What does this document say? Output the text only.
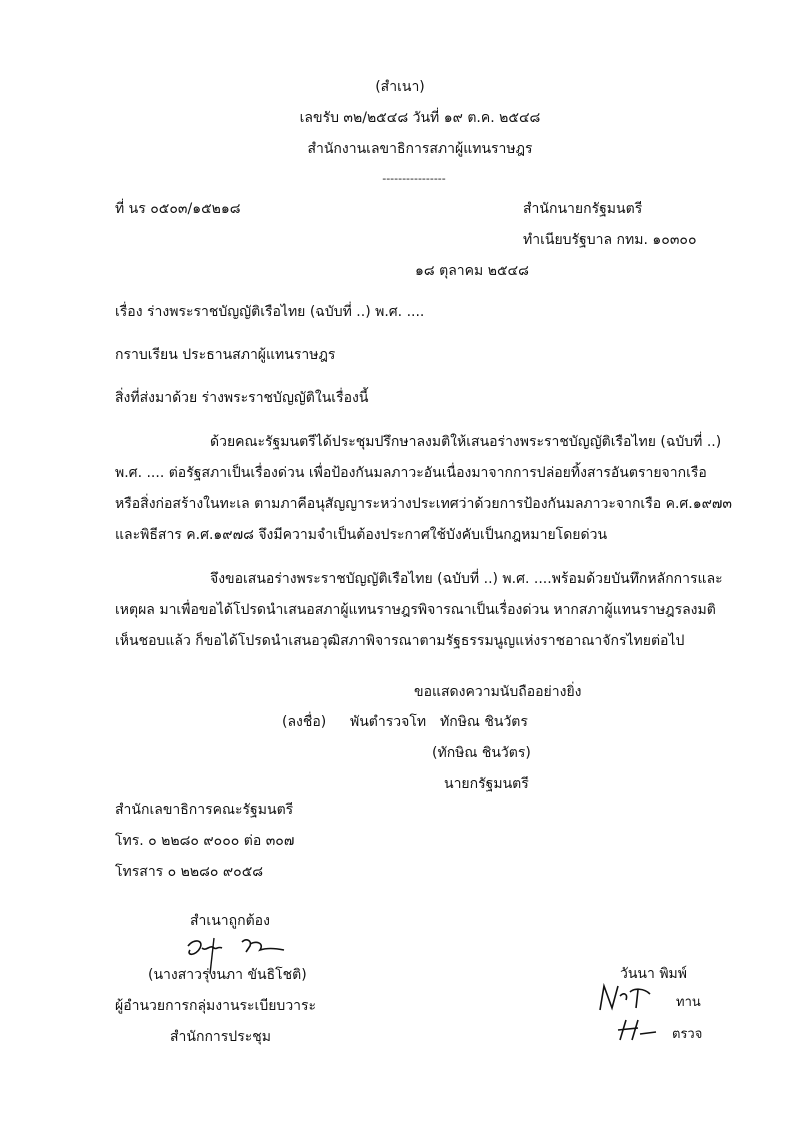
(สำเนา)
เลขรับ ๓๒/๒๕๔๘ วันที่ ๑๙ ต.ค. ๒๕๔๘
สำนักงานเลขาธิการสภาผู้แทนราษฎร
----------------
ที่ นร ๐๕๐๓/๑๕๒๑๘	สำนักนายกรัฐมนตรี
ทำเนียบรัฐบาล กทม. ๑๐๓๐๐
๑๘ ตุลาคม ๒๕๔๘
เรื่อง ร่างพระราชบัญญัติเรือไทย (ฉบับที่ ..) พ.ศ. ....
กราบเรียน ประธานสภาผู้แทนราษฎร
สิ่งที่ส่งมาด้วย ร่างพระราชบัญญัติในเรื่องนี้
ด้วยคณะรัฐมนตรีได้ประชุมปรึกษาลงมติให้เสนอร่างพระราชบัญญัติเรือไทย (ฉบับที่ ..)
พ.ศ. .... ต่อรัฐสภาเป็นเรื่องด่วน เพื่อป้องกันมลภาวะอันเนื่องมาจากการปล่อยทิ้งสารอันตรายจากเรือ
หรือสิ่งก่อสร้างในทะเล ตามภาคีอนุสัญญาระหว่างประเทศว่าด้วยการป้องกันมลภาวะจากเรือ ค.ศ.๑๙๗๓
และพิธีสาร ค.ศ.๑๙๗๘ จึงมีความจำเป็นต้องประกาศใช้บังคับเป็นกฎหมายโดยด่วน
จึงขอเสนอร่างพระราชบัญญัติเรือไทย (ฉบับที่ ..) พ.ศ. ....พร้อมด้วยบันทึกหลักการและ
เหตุผล มาเพื่อขอได้โปรดนำเสนอสภาผู้แทนราษฎรพิจารณาเป็นเรื่องด่วน หากสภาผู้แทนราษฎรลงมติ
เห็นชอบแล้ว ก็ขอได้โปรดนำเสนอวุฒิสภาพิจารณาตามรัฐธรรมนูญแห่งราชอาณาจักรไทยต่อไป
ขอแสดงความนับถืออย่างยิ่ง
(ลงชื่อ) พันตำรวจโท ทักษิณ ชินวัตร
(ทักษิณ ชินวัตร)
นายกรัฐมนตรี
สำนักเลขาธิการคณะรัฐมนตรี
โทร. ๐ ๒๒๘๐ ๙๐๐๐ ต่อ ๓๐๗
โทรสาร ๐ ๒๒๘๐ ๙๐๕๘
สำเนาถูกต้อง
(นางสาวรุ่งนภา ขันธิโชติ)
ผู้อำนวยการกลุ่มงานระเบียบวาระ
สำนักการประชุม
วันนา พิมพ์
ทาน
ตรวจ
